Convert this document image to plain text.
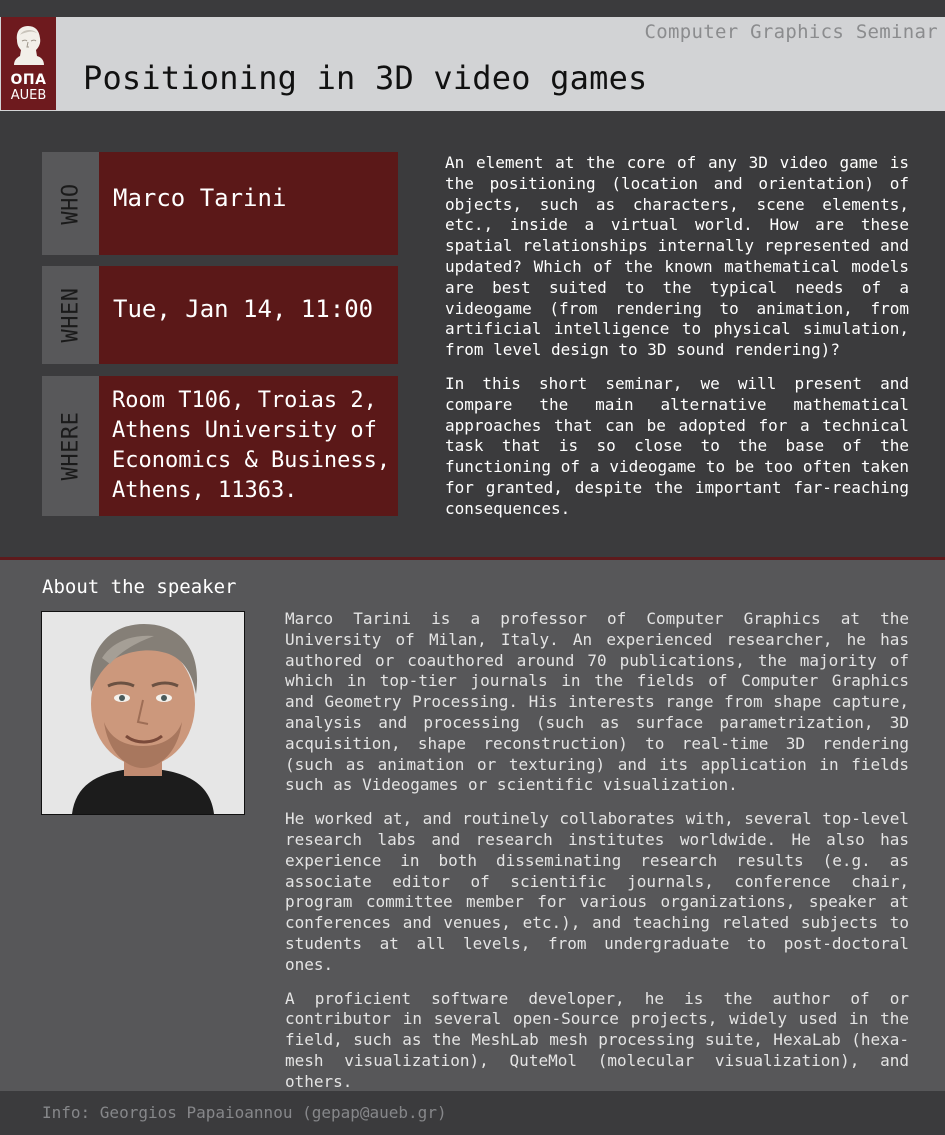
ΟΠΑ
AUEB
Computer Graphics Seminar
Positioning in 3D video games
WHO	Marco Tarini
WHEN	Tue, Jan 14, 11:00
WHERE
Room T106, Troias 2,
Athens University of
Economics & Business,
Athens, 11363.

An element at the core of any 3D video game is the positioning (location and orientation) of objects, such as characters, scene elements, etc., inside a virtual world. How are these spatial relationships internally represented and updated? Which of the known mathematical models are best suited to the typical needs of a videogame (from rendering to animation, from artificial intelligence to physical simulation, from level design to 3D sound rendering)?

In this short seminar, we will present and compare the main alternative mathematical approaches that can be adopted for a technical task that is so close to the base of the functioning of a videogame to be too often taken for granted, despite the important far-reaching consequences.

About the speaker

Marco Tarini is a professor of Computer Graphics at the University of Milan, Italy. An experienced researcher, he has authored or coauthored around 70 publications, the majority of which in top-tier journals in the fields of Computer Graphics and Geometry Processing. His interests range from shape capture, analysis and processing (such as surface parametrization, 3D acquisition, shape reconstruction) to real-time 3D rendering (such as animation or texturing) and its application in fields such as Videogames or scientific visualization.

He worked at, and routinely collaborates with, several top-level research labs and research institutes worldwide. He also has experience in both disseminating research results (e.g. as associate editor of scientific journals, conference chair, program committee member for various organizations, speaker at conferences and venues, etc.), and teaching related subjects to students at all levels, from undergraduate to post-doctoral ones.

A proficient software developer, he is the author of or contributor in several open-Source projects, widely used in the field, such as the MeshLab mesh processing suite, HexaLab (hexa-mesh visualization), QuteMol (molecular visualization), and others.

Info: Georgios Papaioannou (gepap@aueb.gr)
